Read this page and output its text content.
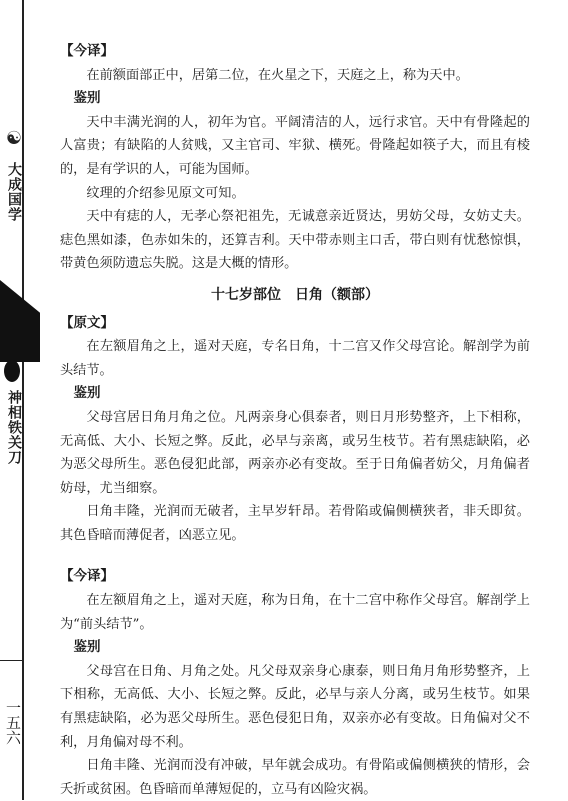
☯
大成国学
神相铁关刀
一五六

【今译】

在前额面部正中，居第二位，在火星之下，天庭之上，称为天中。

鉴别

天中丰满光润的人，初年为官。平阔清洁的人，远行求官。天中有骨隆起的人富贵；有缺陷的人贫贱，又主官司、牢狱、横死。骨隆起如筷子大，而且有棱的，是有学识的人，可能为国师。

纹理的介绍参见原文可知。

天中有痣的人，无孝心祭祀祖先，无诚意亲近贤达，男妨父母，女妨丈夫。痣色黑如漆，色赤如朱的，还算吉利。天中带赤则主口舌，带白则有忧愁惊惧，带黄色须防遗忘失脱。这是大概的情形。

十七岁部位　日角（额部）

【原文】

在左额眉角之上，遥对天庭，专名日角，十二宫又作父母宫论。解剖学为前头结节。

鉴别

父母宫居日角月角之位。凡两亲身心俱泰者，则日月形势整齐，上下相称，无高低、大小、长短之弊。反此，必早与亲离，或另生枝节。若有黑痣缺陷，必为恶父母所生。恶色侵犯此部，两亲亦必有变故。至于日角偏者妨父，月角偏者妨母，尤当细察。

日角丰隆，光润而无破者，主早岁轩昂。若骨陷或偏侧横狭者，非夭即贫。其色昏暗而薄促者，凶恶立见。

【今译】

在左额眉角之上，遥对天庭，称为日角，在十二宫中称作父母宫。解剖学上为“前头结节”。

鉴别

父母宫在日角、月角之处。凡父母双亲身心康泰，则日角月角形势整齐，上下相称，无高低、大小、长短之弊。反此，必早与亲人分离，或另生枝节。如果有黑痣缺陷，必为恶父母所生。恶色侵犯日角，双亲亦必有变故。日角偏对父不利，月角偏对母不利。

日角丰隆、光润而没有冲破，早年就会成功。有骨陷或偏侧横狭的情形，会夭折或贫困。色昏暗而单薄短促的，立马有凶险灾祸。
